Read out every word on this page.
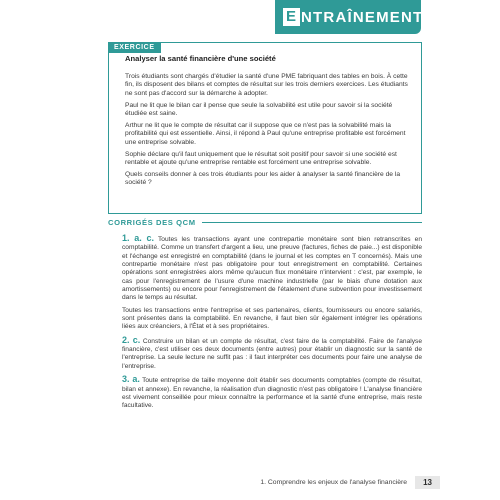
E NTRAÎNEMENT
EXERCICE
Analyser la santé financière d'une société

Trois étudiants sont chargés d'étudier la santé d'une PME fabriquant des tables en bois. À cette fin, ils disposent des bilans et comptes de résultat sur les trois derniers exercices. Les étudiants ne sont pas d'accord sur la démarche à adopter.

Paul ne lit que le bilan car il pense que seule la solvabilité est utile pour savoir si la société étudiée est saine.

Arthur ne lit que le compte de résultat car il suppose que ce n'est pas la solvabilité mais la profitabilité qui est essentielle. Ainsi, il répond à Paul qu'une entreprise profitable est forcément une entreprise solvable.

Sophie déclare qu'il faut uniquement que le résultat soit positif pour savoir si une société est rentable et ajoute qu'une entreprise rentable est forcément une entreprise solvable.

Quels conseils donner à ces trois étudiants pour les aider à analyser la santé financière de la société ?

CORRIGÉS DES QCM

1. a. c. Toutes les transactions ayant une contrepartie monétaire sont bien retranscrites en comptabilité. Comme un transfert d'argent a lieu, une preuve (factures, fiches de paie...) est disponible et l'échange est enregistré en comptabilité (dans le journal et les comptes en T concernés). Mais une contrepartie monétaire n'est pas obligatoire pour tout enregistrement en comptabilité. Certaines opérations sont enregistrées alors même qu'aucun flux monétaire n'intervient : c'est, par exemple, le cas pour l'enregistrement de l'usure d'une machine industrielle (par le biais d'une dotation aux amortissements) ou encore pour l'enregistrement de l'étalement d'une subvention pour investissement dans le temps au résultat.

Toutes les transactions entre l'entreprise et ses partenaires, clients, fournisseurs ou encore salariés, sont présentes dans la comptabilité. En revanche, il faut bien sûr également intégrer les opérations liées aux créanciers, à l'État et à ses propriétaires.

2. c. Construire un bilan et un compte de résultat, c'est faire de la comptabilité. Faire de l'analyse financière, c'est utiliser ces deux documents (entre autres) pour établir un diagnostic sur la santé de l'entreprise. La seule lecture ne suffit pas : il faut interpréter ces documents pour faire une analyse de l'entreprise.

3. a. Toute entreprise de taille moyenne doit établir ses documents comptables (compte de résultat, bilan et annexe). En revanche, la réalisation d'un diagnostic n'est pas obligatoire ! L'analyse financière est vivement conseillée pour mieux connaître la performance et la santé d'une entreprise, mais reste facultative.

1. Comprendre les enjeux de l'analyse financière	13
